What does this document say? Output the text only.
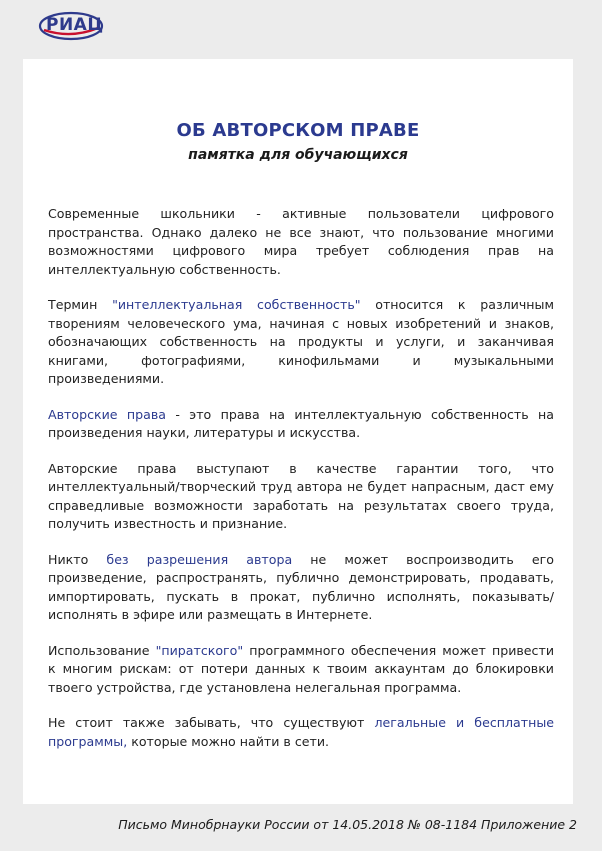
РИАЦ
ОБ АВТОРСКОМ ПРАВЕ
памятка для обучающихся

Современные школьники - активные пользователи цифрового пространства. Однако далеко не все знают, что пользование многими возможностями цифрового мира требует соблюдения прав на интеллектуальную собственность.

Термин "интеллектуальная собственность" относится к различным творениям человеческого ума, начиная с новых изобретений и знаков, обозначающих собственность на продукты и услуги, и заканчивая книгами, фотографиями, кинофильмами и музыкальными произведениями.

Авторские права - это права на интеллектуальную собственность на произведения науки, литературы и искусства.

Авторские права выступают в качестве гарантии того, что интеллектуальный/творческий труд автора не будет напрасным, даст ему справедливые возможности заработать на результатах своего труда, получить известность и признание.

Никто без разрешения автора не может воспроизводить его произведение, распространять, публично демонстрировать, продавать, импортировать, пускать в прокат, публично исполнять, показывать/исполнять в эфире или размещать в Интернете.

Использование "пиратского" программного обеспечения может привести к многим рискам: от потери данных к твоим аккаунтам до блокировки твоего устройства, где установлена нелегальная программа.

Не стоит также забывать, что существуют легальные и бесплатные программы, которые можно найти в сети.

Письмо Минобрнауки России от 14.05.2018 № 08-1184 Приложение 2
